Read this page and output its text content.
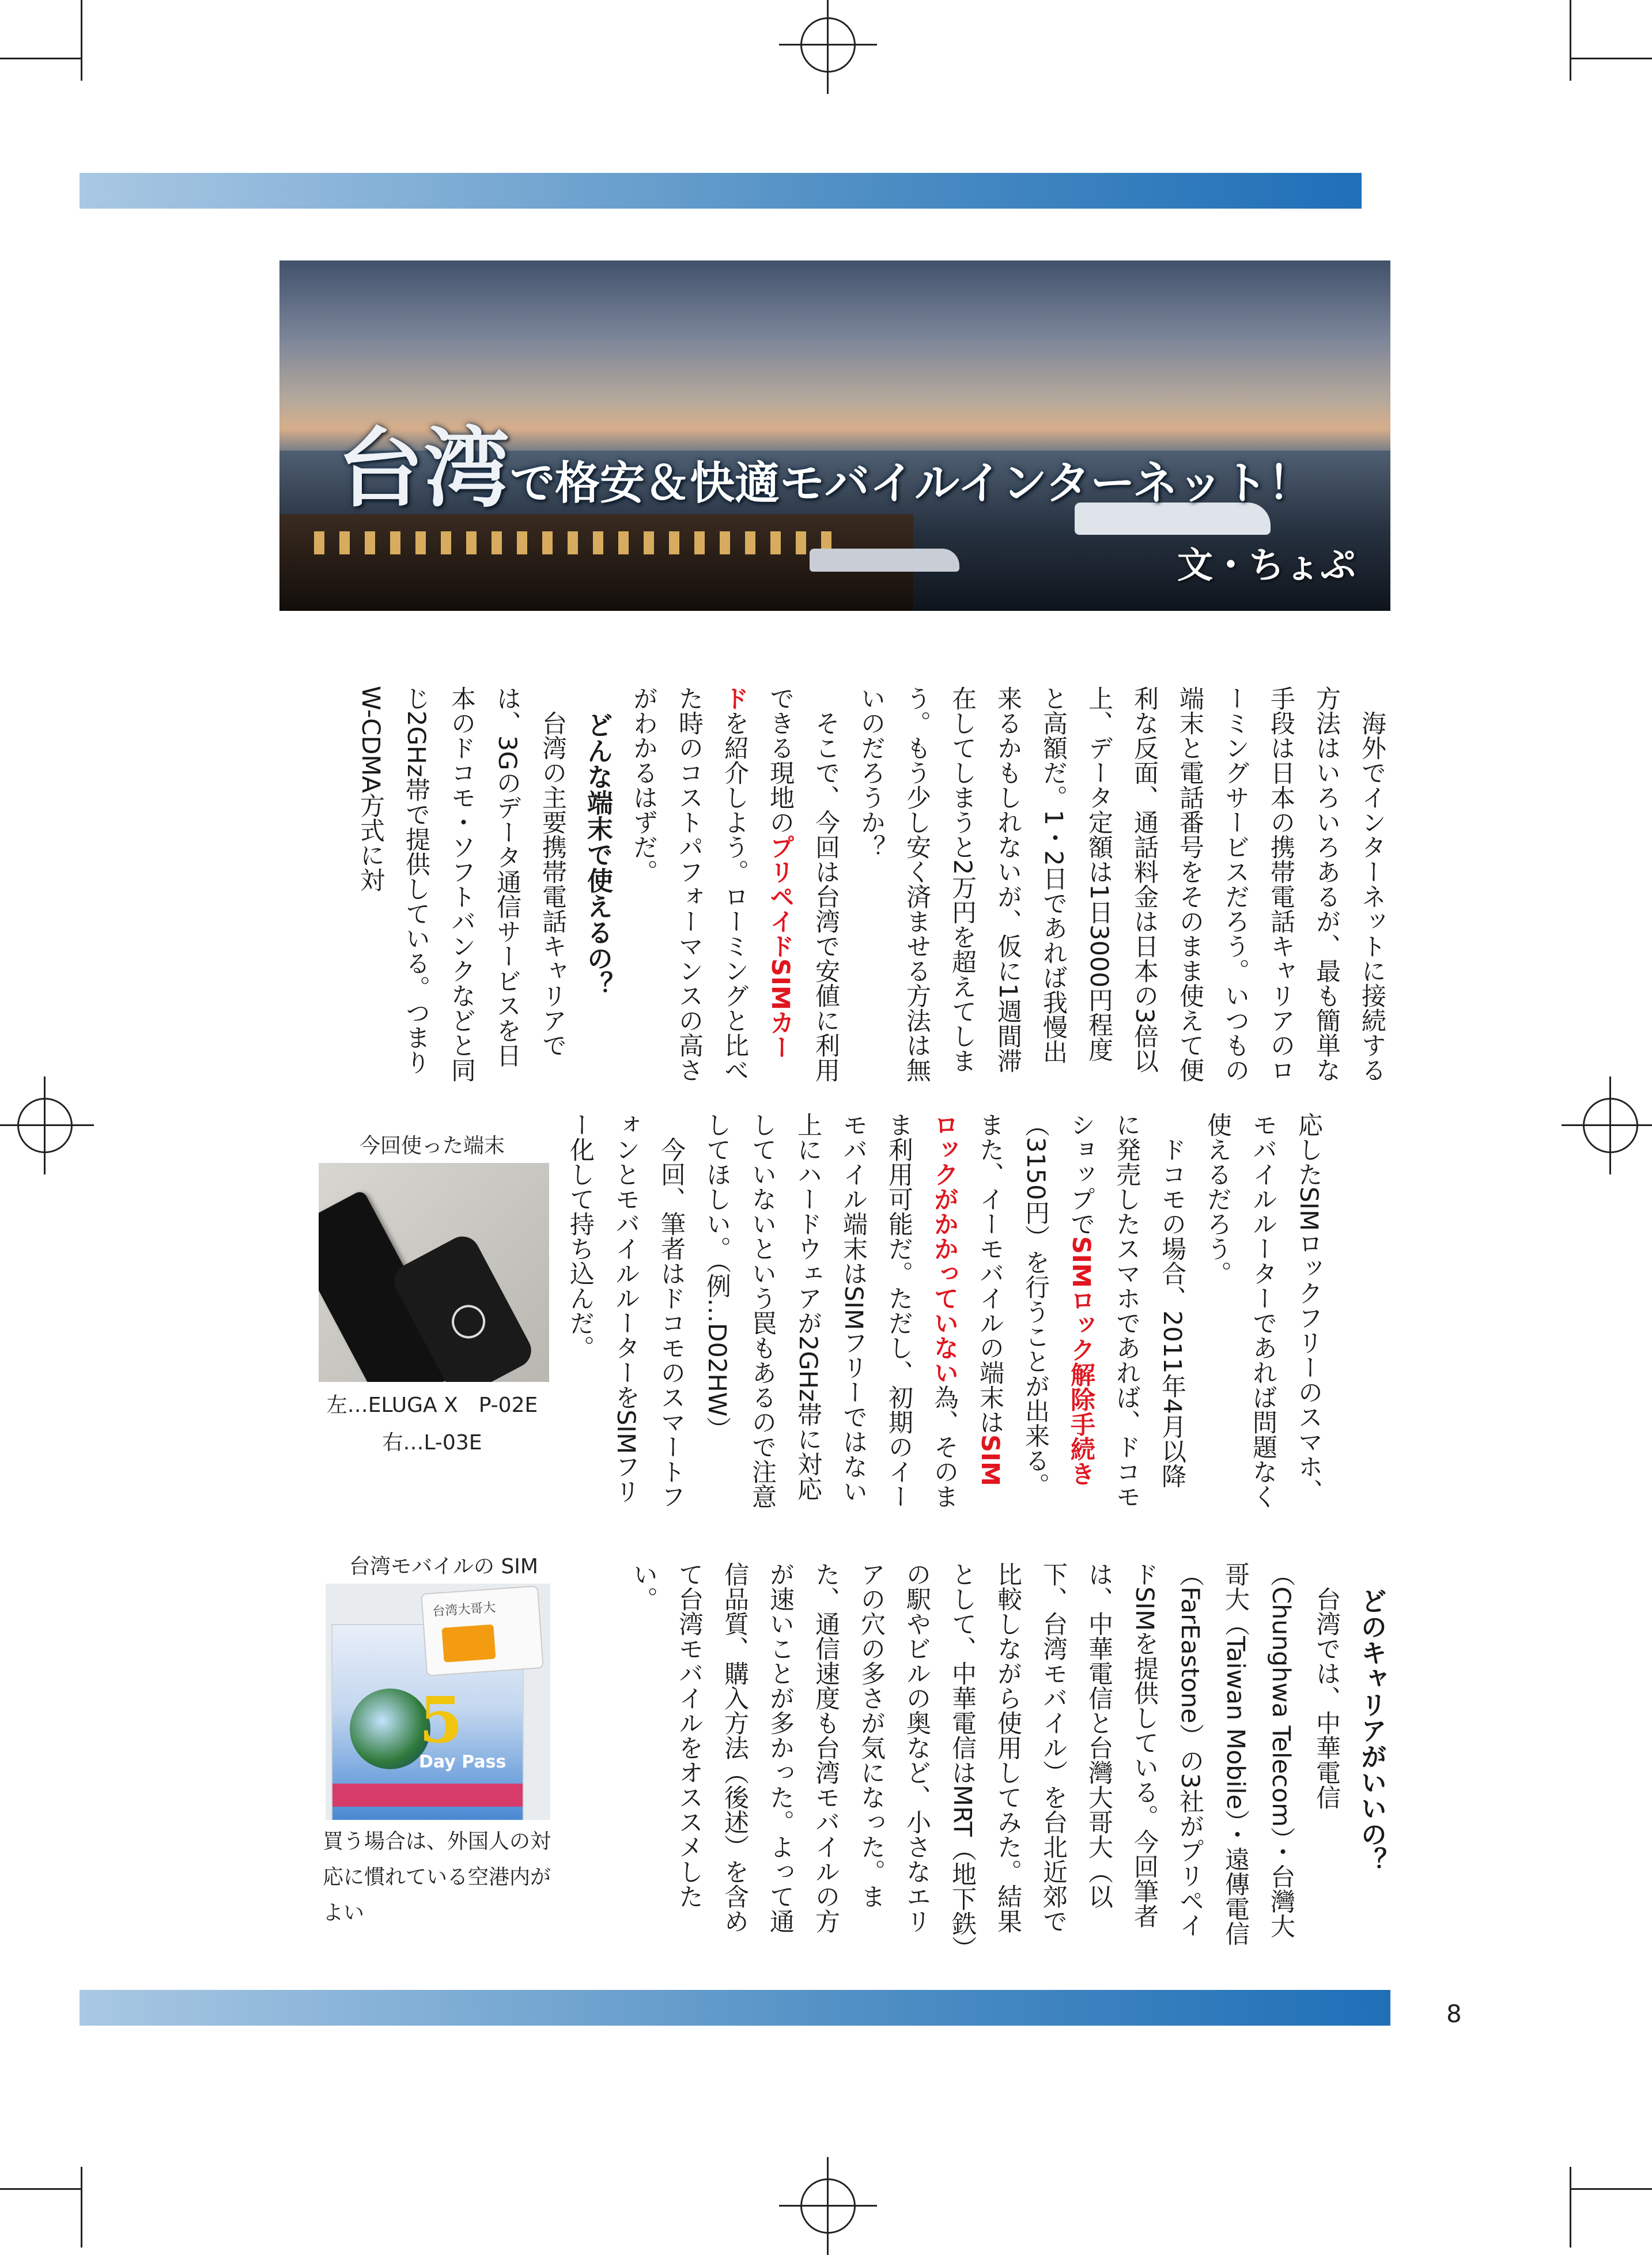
台湾で格安＆快適モバイルインターネット！
文・ちょぷ

海外でインターネットに接続する方法はいろいろあるが、最も簡単な手段は日本の携帯電話キャリアのローミングサービスだろう。いつもの端末と電話番号をそのまま使えて便利な反面、通話料金は日本の3倍以上、データ定額は1日3000円程度と高額だ。1・2日であれば我慢出来るかもしれないが、仮に1週間滞在してしまうと2万円を超えてしまう。もう少し安く済ませる方法は無いのだろうか？

そこで、今回は台湾で安値に利用できる現地のプリペイドSIMカードを紹介しよう。ローミングと比べた時のコストパフォーマンスの高さがわかるはずだ。

どんな端末で使えるの？

台湾の主要携帯電話キャリアでは、3Gのデータ通信サービスを日本のドコモ・ソフトバンクなどと同じ2GHz帯で提供している。つまりW-CDMA方式に対

応したSIMロックフリーのスマホ、モバイルルーターであれば問題なく使えるだろう。

ドコモの場合、2011年4月以降に発売したスマホであれば、ドコモショップでSIMロック解除手続き（3150円）を行うことが出来る。また、イーモバイルの端末はSIMロックがかかっていない為、そのまま利用可能だ。ただし、初期のイーモバイル端末はSIMフリーではない上にハードウェアが2GHz帯に対応していないという罠もあるので注意してほしい。（例…D02HW）

今回、筆者はドコモのスマートフォンとモバイルルーターをSIMフリー化して持ち込んだ。

どのキャリアがいいの？

台湾では、中華電信（Chunghwa Telecom）・台灣大哥大（Taiwan Mobile）・遠傳電信（FarEastone）の3社がプリペイドSIMを提供している。今回筆者は、中華電信と台灣大哥大（以下、台湾モバイル）を台北近郊で比較しながら使用してみた。結果として、中華電信はMRT（地下鉄）の駅やビルの奥など、小さなエリアの穴の多さが気になった。また、通信速度も台湾モバイルの方が速いことが多かった。よって通信品質、購入方法（後述）を含めて台湾モバイルをオススメしたい。

今回使った端末
左…ELUGA X　P-02E
右…L-03E
台湾モバイルの SIM
5
Day Pass
台湾大哥大
買う場合は、外国人の対応に慣れている空港内がよい
8
